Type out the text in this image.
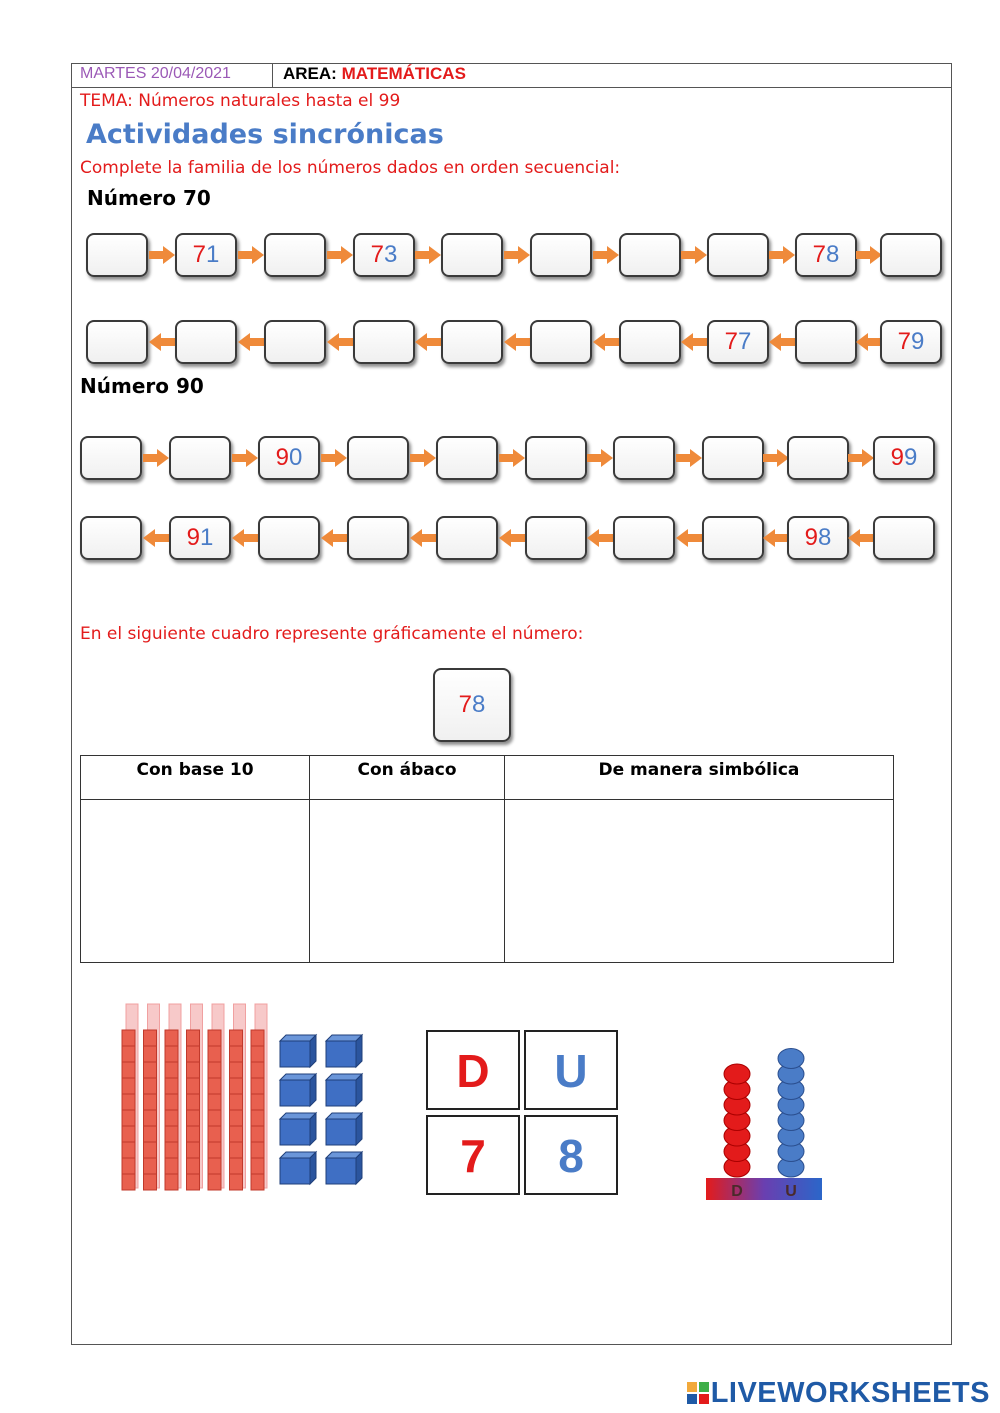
MARTES 20/04/2021	AREA: MATEMÁTICAS
TEMA: Números naturales hasta el 99
Actividades sincrónicas
Complete la familia de los números dados en orden secuencial:
Número 70
Número 90
71	73	78
77	79
90	99
91	98
En el siguiente cuadro represente gráficamente el número:
78
Con base 10	Con ábaco	De manera simbólica

D	U
7	8
D	U
LIVEWORKSHEETS
